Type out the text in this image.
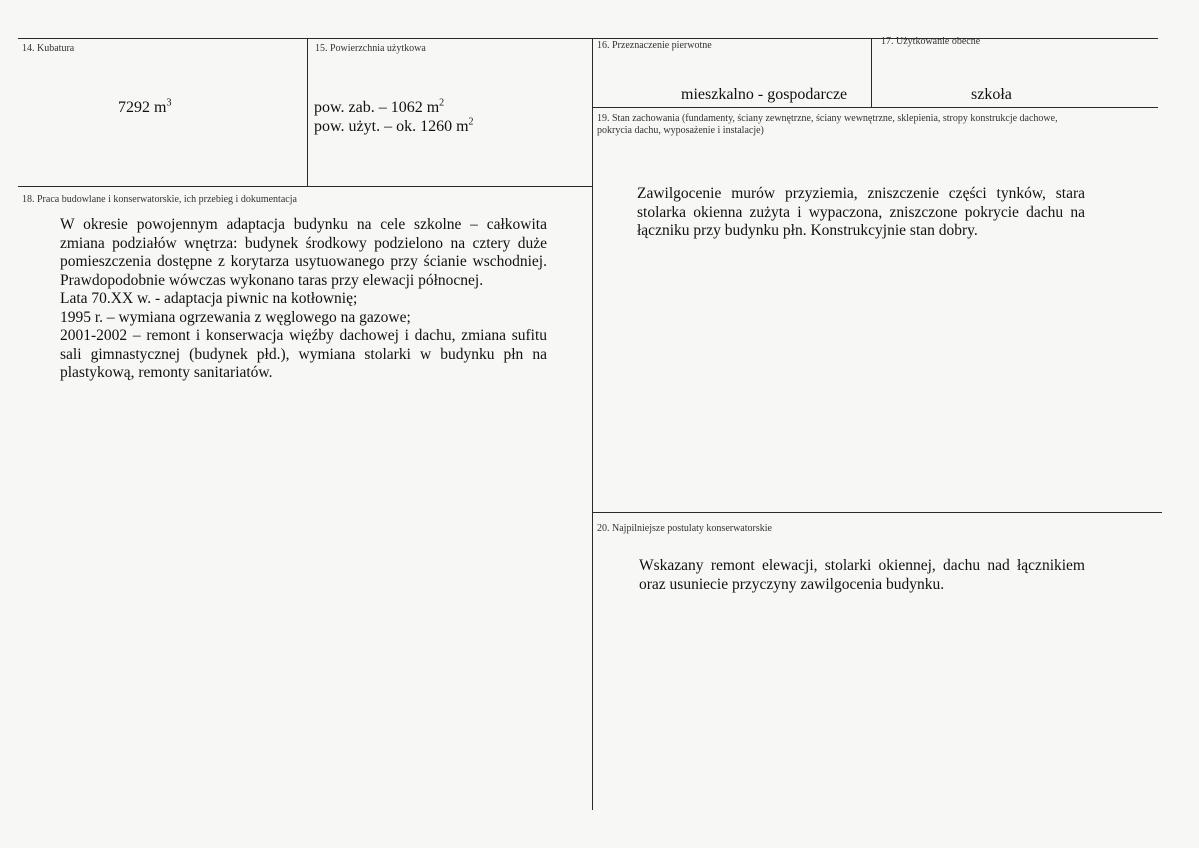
14. Kubatura
7292 $m^3$
15. Powierzchnia użytkowa
pow. zab. – 1062 $m^2$
pow. użyt. – ok. 1260 $m^2$
16. Przeznaczenie pierwotne
mieszkalno - gospodarcze
17. Użytkowanie obecne
szkoła
18. Praca budowlane i konserwatorskie, ich przebieg i dokumentacja

W okresie powojennym adaptacja budynku na cele szkolne – całkowita zmiana podziałów wnętrza: budynek środkowy podzielono na cztery duże pomieszczenia dostępne z korytarza usytuowanego przy ścianie wschodniej. Prawdopodobnie wówczas wykonano taras przy elewacji północnej.

Lata 70.XX w. - adaptacja piwnic na kotłownię;

1995 r. – wymiana ogrzewania z węglowego na gazowe;

2001-2002 – remont i konserwacja więźby dachowej i dachu, zmiana sufitu sali gimnastycznej (budynek płd.), wymiana stolarki w budynku płn na plastykową, remonty sanitariatów.

19. Stan zachowania (fundamenty, ściany zewnętrzne, ściany wewnętrzne, sklepienia, stropy konstrukcje dachowe, pokrycia dachu, wyposażenie i instalacje)
Zawilgocenie murów przyziemia, zniszczenie części tynków, stara stolarka okienna zużyta i wypaczona, zniszczone pokrycie dachu na łączniku przy budynku płn. Konstrukcyjnie stan dobry.
20. Najpilniejsze postulaty konserwatorskie
Wskazany remont elewacji, stolarki okiennej, dachu nad łącznikiem oraz usuniecie przyczyny zawilgocenia budynku.
